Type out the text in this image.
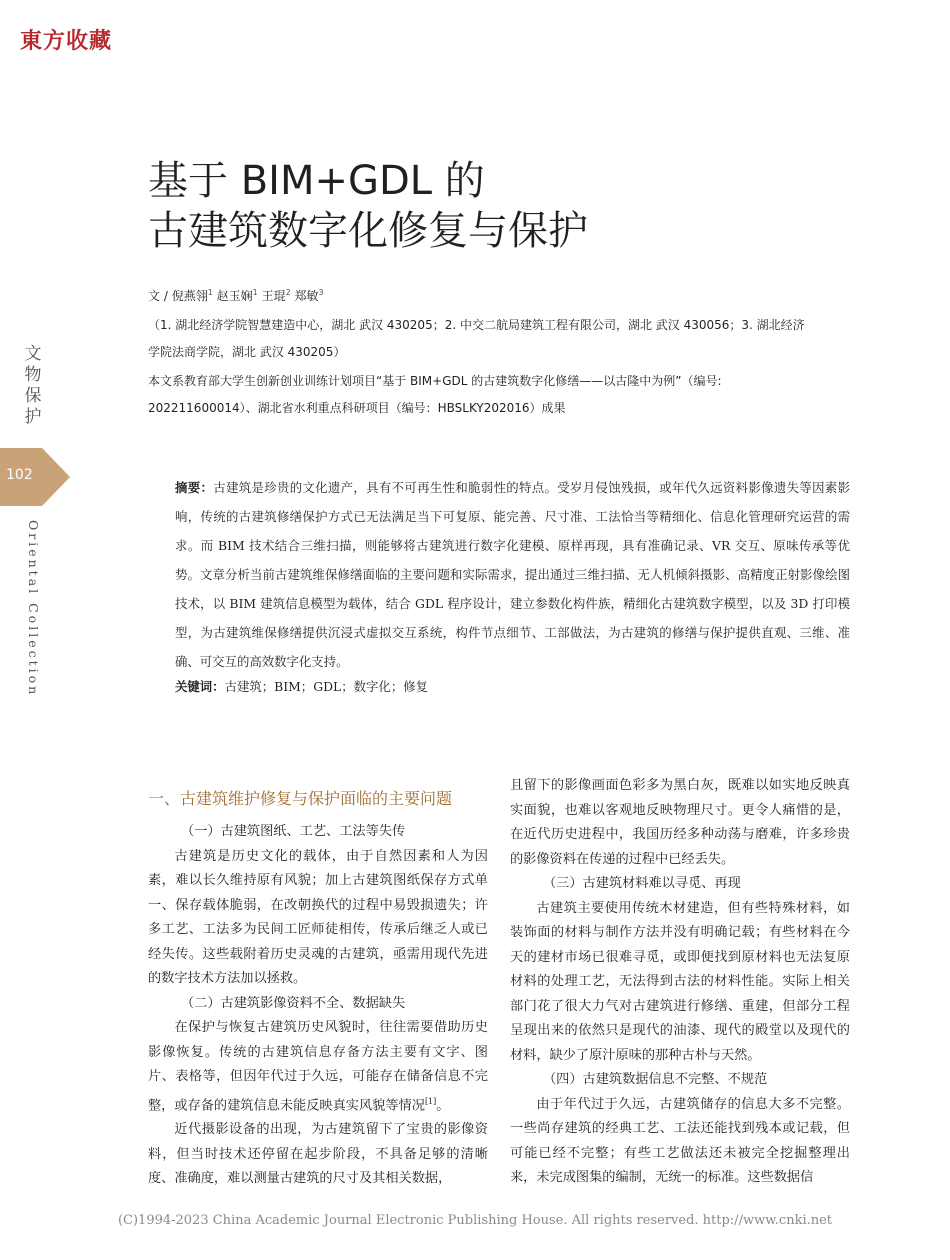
東方收藏
文物保护
102
Oriental Collection
基于 BIM+GDL 的
古建筑数字化修复与保护
文 / 倪燕翎$^1$ 赵玉娴$^1$ 王琨$^2$ 郑敏$^3$
（1. 湖北经济学院智慧建造中心，湖北 武汉 430205；2. 中交二航局建筑工程有限公司，湖北 武汉 430056；3. 湖北经济
学院法商学院，湖北 武汉 430205）
本文系教育部大学生创新创业训练计划项目“基于 BIM+GDL 的古建筑数字化修缮——以古隆中为例”（编号:
202211600014）、湖北省水利重点科研项目（编号：HBSLKY202016）成果
摘要：古建筑是珍贵的文化遗产，具有不可再生性和脆弱性的特点。受岁月侵蚀残损，或年代久远资料影像遗失等因素影响，传统的古建筑修缮保护方式已无法满足当下可复原、能完善、尺寸准、工法恰当等精细化、信息化管理研究运营的需求。而 BIM 技术结合三维扫描，则能够将古建筑进行数字化建模、原样再现，具有准确记录、VR 交互、原味传承等优势。文章分析当前古建筑维保修缮面临的主要问题和实际需求，提出通过三维扫描、无人机倾斜摄影、高精度正射影像绘图技术，以 BIM 建筑信息模型为载体，结合 GDL 程序设计，建立参数化构件族，精细化古建筑数字模型，以及 3D 打印模型，为古建筑维保修缮提供沉浸式虚拟交互系统，构件节点细节、工部做法，为古建筑的修缮与保护提供直观、三维、准确、可交互的高效数字化支持。
关键词：古建筑；BIM；GDL；数字化；修复
一、古建筑维护修复与保护面临的主要问题

（一）古建筑图纸、工艺、工法等失传

古建筑是历史文化的载体，由于自然因素和人为因素，难以长久维持原有风貌；加上古建筑图纸保存方式单一、保存载体脆弱，在改朝换代的过程中易毁损遗失；许多工艺、工法多为民间工匠师徒相传，传承后继乏人或已经失传。这些载附着历史灵魂的古建筑，亟需用现代先进的数字技术方法加以拯救。

（二）古建筑影像资料不全、数据缺失

在保护与恢复古建筑历史风貌时，往往需要借助历史影像恢复。传统的古建筑信息存备方法主要有文字、图片、表格等，但因年代过于久远，可能存在储备信息不完整，或存备的建筑信息未能反映真实风貌等情况[1]。

近代摄影设备的出现，为古建筑留下了宝贵的影像资料，但当时技术还停留在起步阶段，不具备足够的清晰度、准确度，难以测量古建筑的尺寸及其相关数据，

且留下的影像画面色彩多为黑白灰，既难以如实地反映真实面貌，也难以客观地反映物理尺寸。更令人痛惜的是，在近代历史进程中，我国历经多种动荡与磨难，许多珍贵的影像资料在传递的过程中已经丢失。

（三）古建筑材料难以寻觅、再现

古建筑主要使用传统木材建造，但有些特殊材料，如装饰面的材料与制作方法并没有明确记载；有些材料在今天的建材市场已很难寻觅，或即便找到原材料也无法复原材料的处理工艺，无法得到古法的材料性能。实际上相关部门花了很大力气对古建筑进行修缮、重建，但部分工程呈现出来的依然只是现代的油漆、现代的殿堂以及现代的材料，缺少了原汁原味的那种古朴与天然。

（四）古建筑数据信息不完整、不规范

由于年代过于久远，古建筑储存的信息大多不完整。一些尚存建筑的经典工艺、工法还能找到残本或记载，但可能已经不完整；有些工艺做法还未被完全挖掘整理出来，未完成图集的编制，无统一的标准。这些数据信

(C)1994-2023 China Academic Journal Electronic Publishing House. All rights reserved. http://www.cnki.net
